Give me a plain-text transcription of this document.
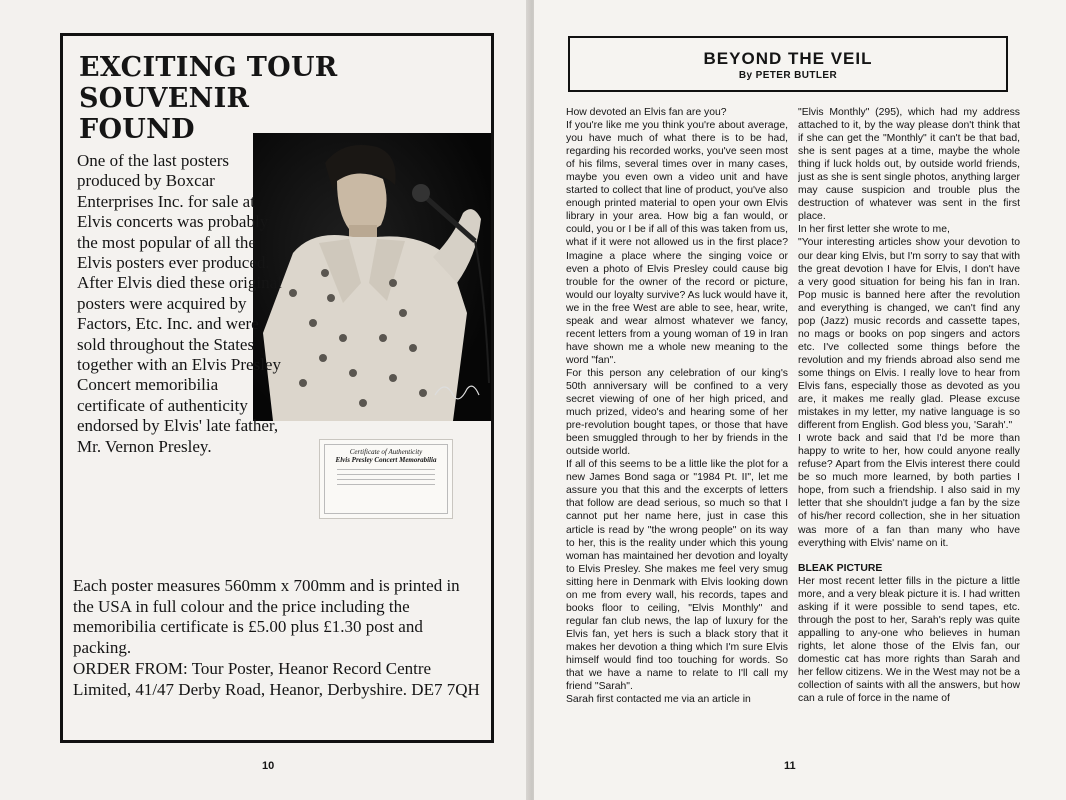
EXCITING TOUR
SOUVENIR
FOUND

One of the last posters produced by Boxcar Enterprises Inc. for sale at Elvis concerts was probably the most popular of all the Elvis posters ever produced. After Elvis died these original posters were acquired by Factors, Etc. Inc. and were sold throughout the States together with an Elvis Presley Concert memoribilia certificate of authenticity endorsed by Elvis' late father, Mr. Vernon Presley.	Certificate of Authenticity
Elvis Presley Concert Memorabilia

Each poster measures 560mm x 700mm and is printed in the USA in full colour and the price including the memoribilia certificate is £5.00 plus £1.30 post and packing.

ORDER FROM: Tour Poster, Heanor Record Centre Limited, 41/47 Derby Road, Heanor, Derbyshire. DE7 7QH

10
BEYOND THE VEIL
By PETER BUTLER

How devoted an Elvis fan are you?

If you're like me you think you're about average, you have much of what there is to be had, regarding his recorded works, you've seen most of his films, several times over in many cases, maybe you even own a video unit and have started to collect that line of product, you've also enough printed material to open your own Elvis library in your area. How big a fan would, or could, you or I be if all of this was taken from us, what if it were not allowed us in the first place? Imagine a place where the singing voice or even a photo of Elvis Presley could cause big trouble for the owner of the record or picture, would our loyalty survive? As luck would have it, we in the free West are able to see, hear, write, speak and wear almost whatever we fancy, recent letters from a young woman of 19 in Iran have shown me a whole new meaning to the word "fan".

For this person any celebration of our king's 50th anniversary will be confined to a very secret viewing of one of her high priced, and much prized, video's and hearing some of her pre-revolution bought tapes, or those that have been smuggled through to her by friends in the outside world.

If all of this seems to be a little like the plot for a new James Bond saga or "1984 Pt. II", let me assure you that this and the excerpts of letters that follow are dead serious, so much so that I cannot put her name here, just in case this article is read by "the wrong people" on its way to her, this is the reality under which this young woman has maintained her devotion and loyalty to Elvis Presley. She makes me feel very smug sitting here in Denmark with Elvis looking down on me from every wall, his records, tapes and books floor to ceiling, "Elvis Monthly" and regular fan club news, the lap of luxury for the Elvis fan, yet hers is such a black story that it makes her devotion a thing which I'm sure Elvis himself would find too touching for words. So that we have a name to relate to I'll call my friend "Sarah".

Sarah first contacted me via an article in

"Elvis Monthly" (295), which had my address attached to it, by the way please don't think that if she can get the "Monthly" it can't be that bad, she is sent pages at a time, maybe the whole thing if luck holds out, by outside world friends, just as she is sent single photos, anything larger may cause suspicion and trouble plus the destruction of whatever was sent in the first place.

In her first letter she wrote to me,

"Your interesting articles show your devotion to our dear king Elvis, but I'm sorry to say that with the great devotion I have for Elvis, I don't have a very good situation for being his fan in Iran. Pop music is banned here after the revolution and everything is changed, we can't find any pop (Jazz) music records and cassette tapes, no mags or books on pop singers and actors etc. I've collected some things before the revolution and my friends abroad also send me some things on Elvis. I really love to hear from Elvis fans, especially those as devoted as you are, it makes me really glad. Please excuse mistakes in my letter, my native language is so different from English. God bless you, 'Sarah'."

I wrote back and said that I'd be more than happy to write to her, how could anyone really refuse? Apart from the Elvis interest there could be so much more learned, by both parties I hope, from such a friendship. I also said in my letter that she shouldn't judge a fan by the size of his/her record collection, she in her situation was more of a fan than many who have everything with Elvis' name on it.

BLEAK PICTURE

Her most recent letter fills in the picture a little more, and a very bleak picture it is. I had written asking if it were possible to send tapes, etc. through the post to her, Sarah's reply was quite appalling to any-one who believes in human rights, let alone those of the Elvis fan, our domestic cat has more rights than Sarah and her fellow citizens. We in the West may not be a collection of saints with all the answers, but how can a rule of force in the name of

11
